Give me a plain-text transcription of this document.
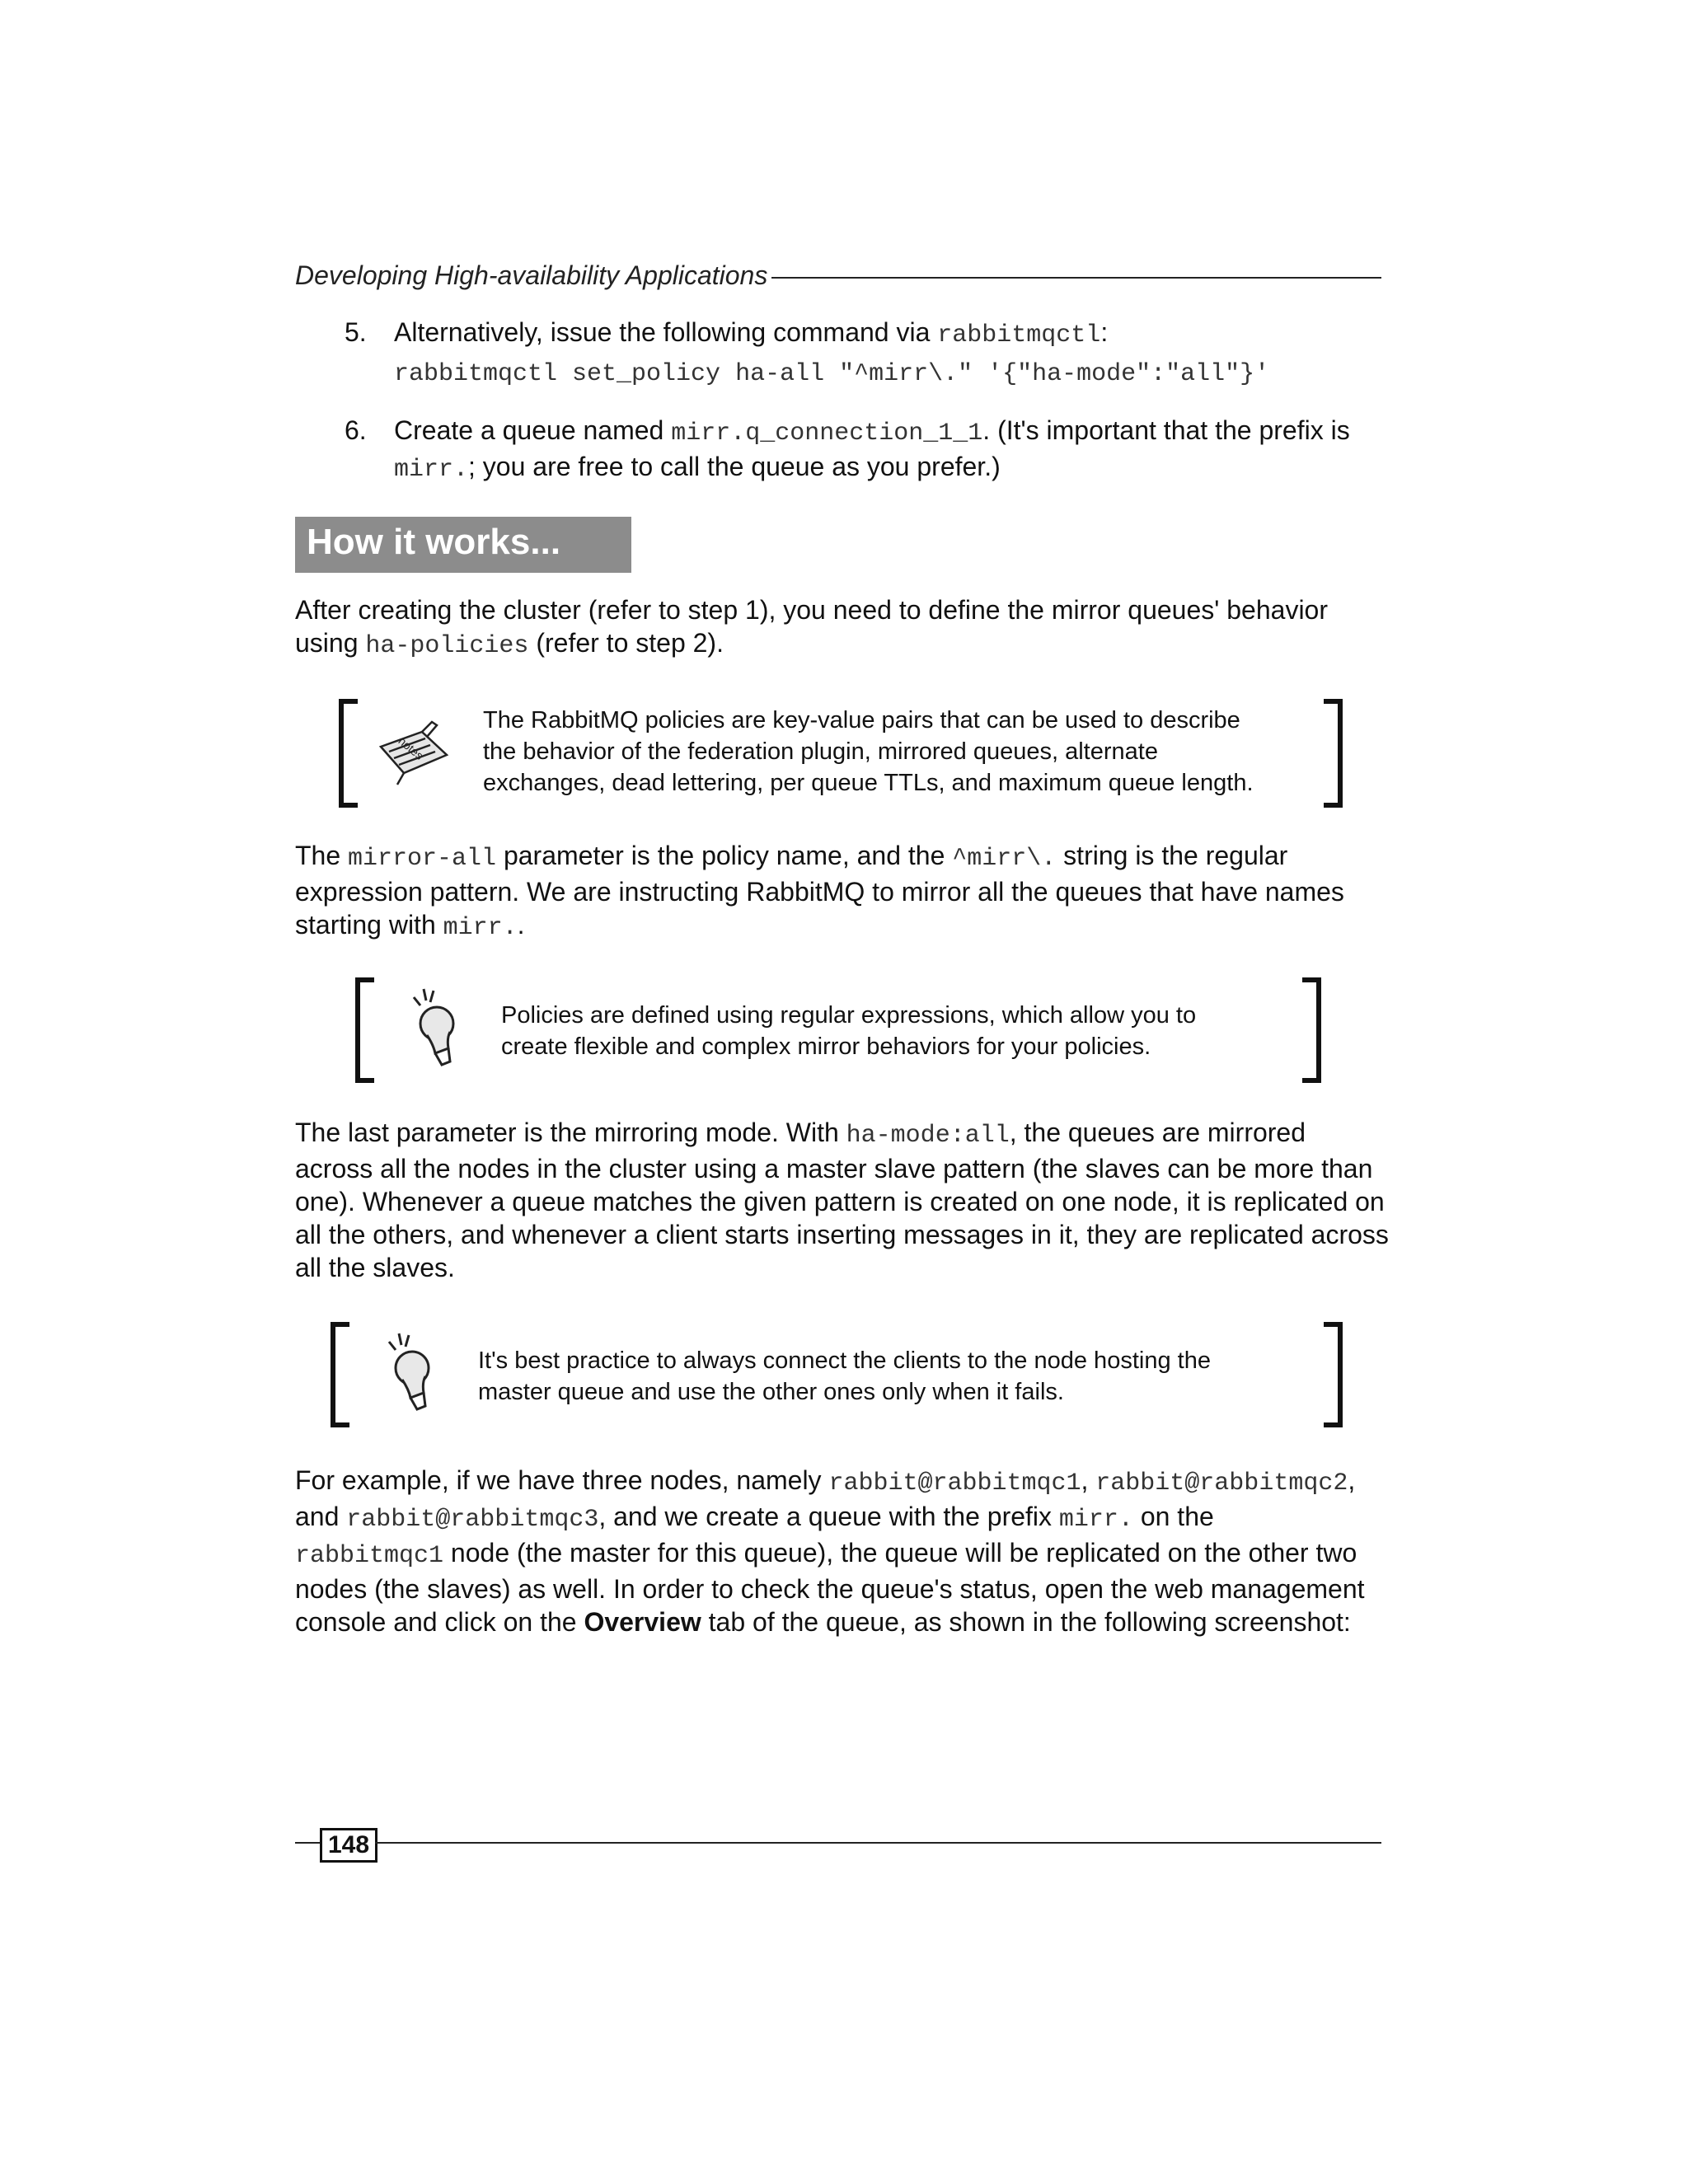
Developing High-availability Applications
5. Alternatively, issue the following command via rabbitmqctl:
rabbitmqctl set_policy ha-all "^mirr\." '{"ha-mode":"all"}'
6. Create a queue named mirr.q_connection_1_1. (It's important that the prefix is
mirr.; you are free to call the queue as you prefer.)
How it works...
After creating the cluster (refer to step 1), you need to define the mirror queues' behavior
using ha-policies (refer to step 2).
notes
The RabbitMQ policies are key-value pairs that can be used to describe
the behavior of the federation plugin, mirrored queues, alternate
exchanges, dead lettering, per queue TTLs, and maximum queue length.
The mirror-all parameter is the policy name, and the ^mirr\. string is the regular
expression pattern. We are instructing RabbitMQ to mirror all the queues that have names
starting with mirr..
Policies are defined using regular expressions, which allow you to
create flexible and complex mirror behaviors for your policies.
The last parameter is the mirroring mode. With ha-mode:all, the queues are mirrored
across all the nodes in the cluster using a master slave pattern (the slaves can be more than
one). Whenever a queue matches the given pattern is created on one node, it is replicated on
all the others, and whenever a client starts inserting messages in it, they are replicated across
all the slaves.
It's best practice to always connect the clients to the node hosting the
master queue and use the other ones only when it fails.
For example, if we have three nodes, namely rabbit@rabbitmqc1, rabbit@rabbitmqc2,
and rabbit@rabbitmqc3, and we create a queue with the prefix mirr. on the
rabbitmqc1 node (the master for this queue), the queue will be replicated on the other two
nodes (the slaves) as well. In order to check the queue's status, open the web management
console and click on the Overview tab of the queue, as shown in the following screenshot:
148
